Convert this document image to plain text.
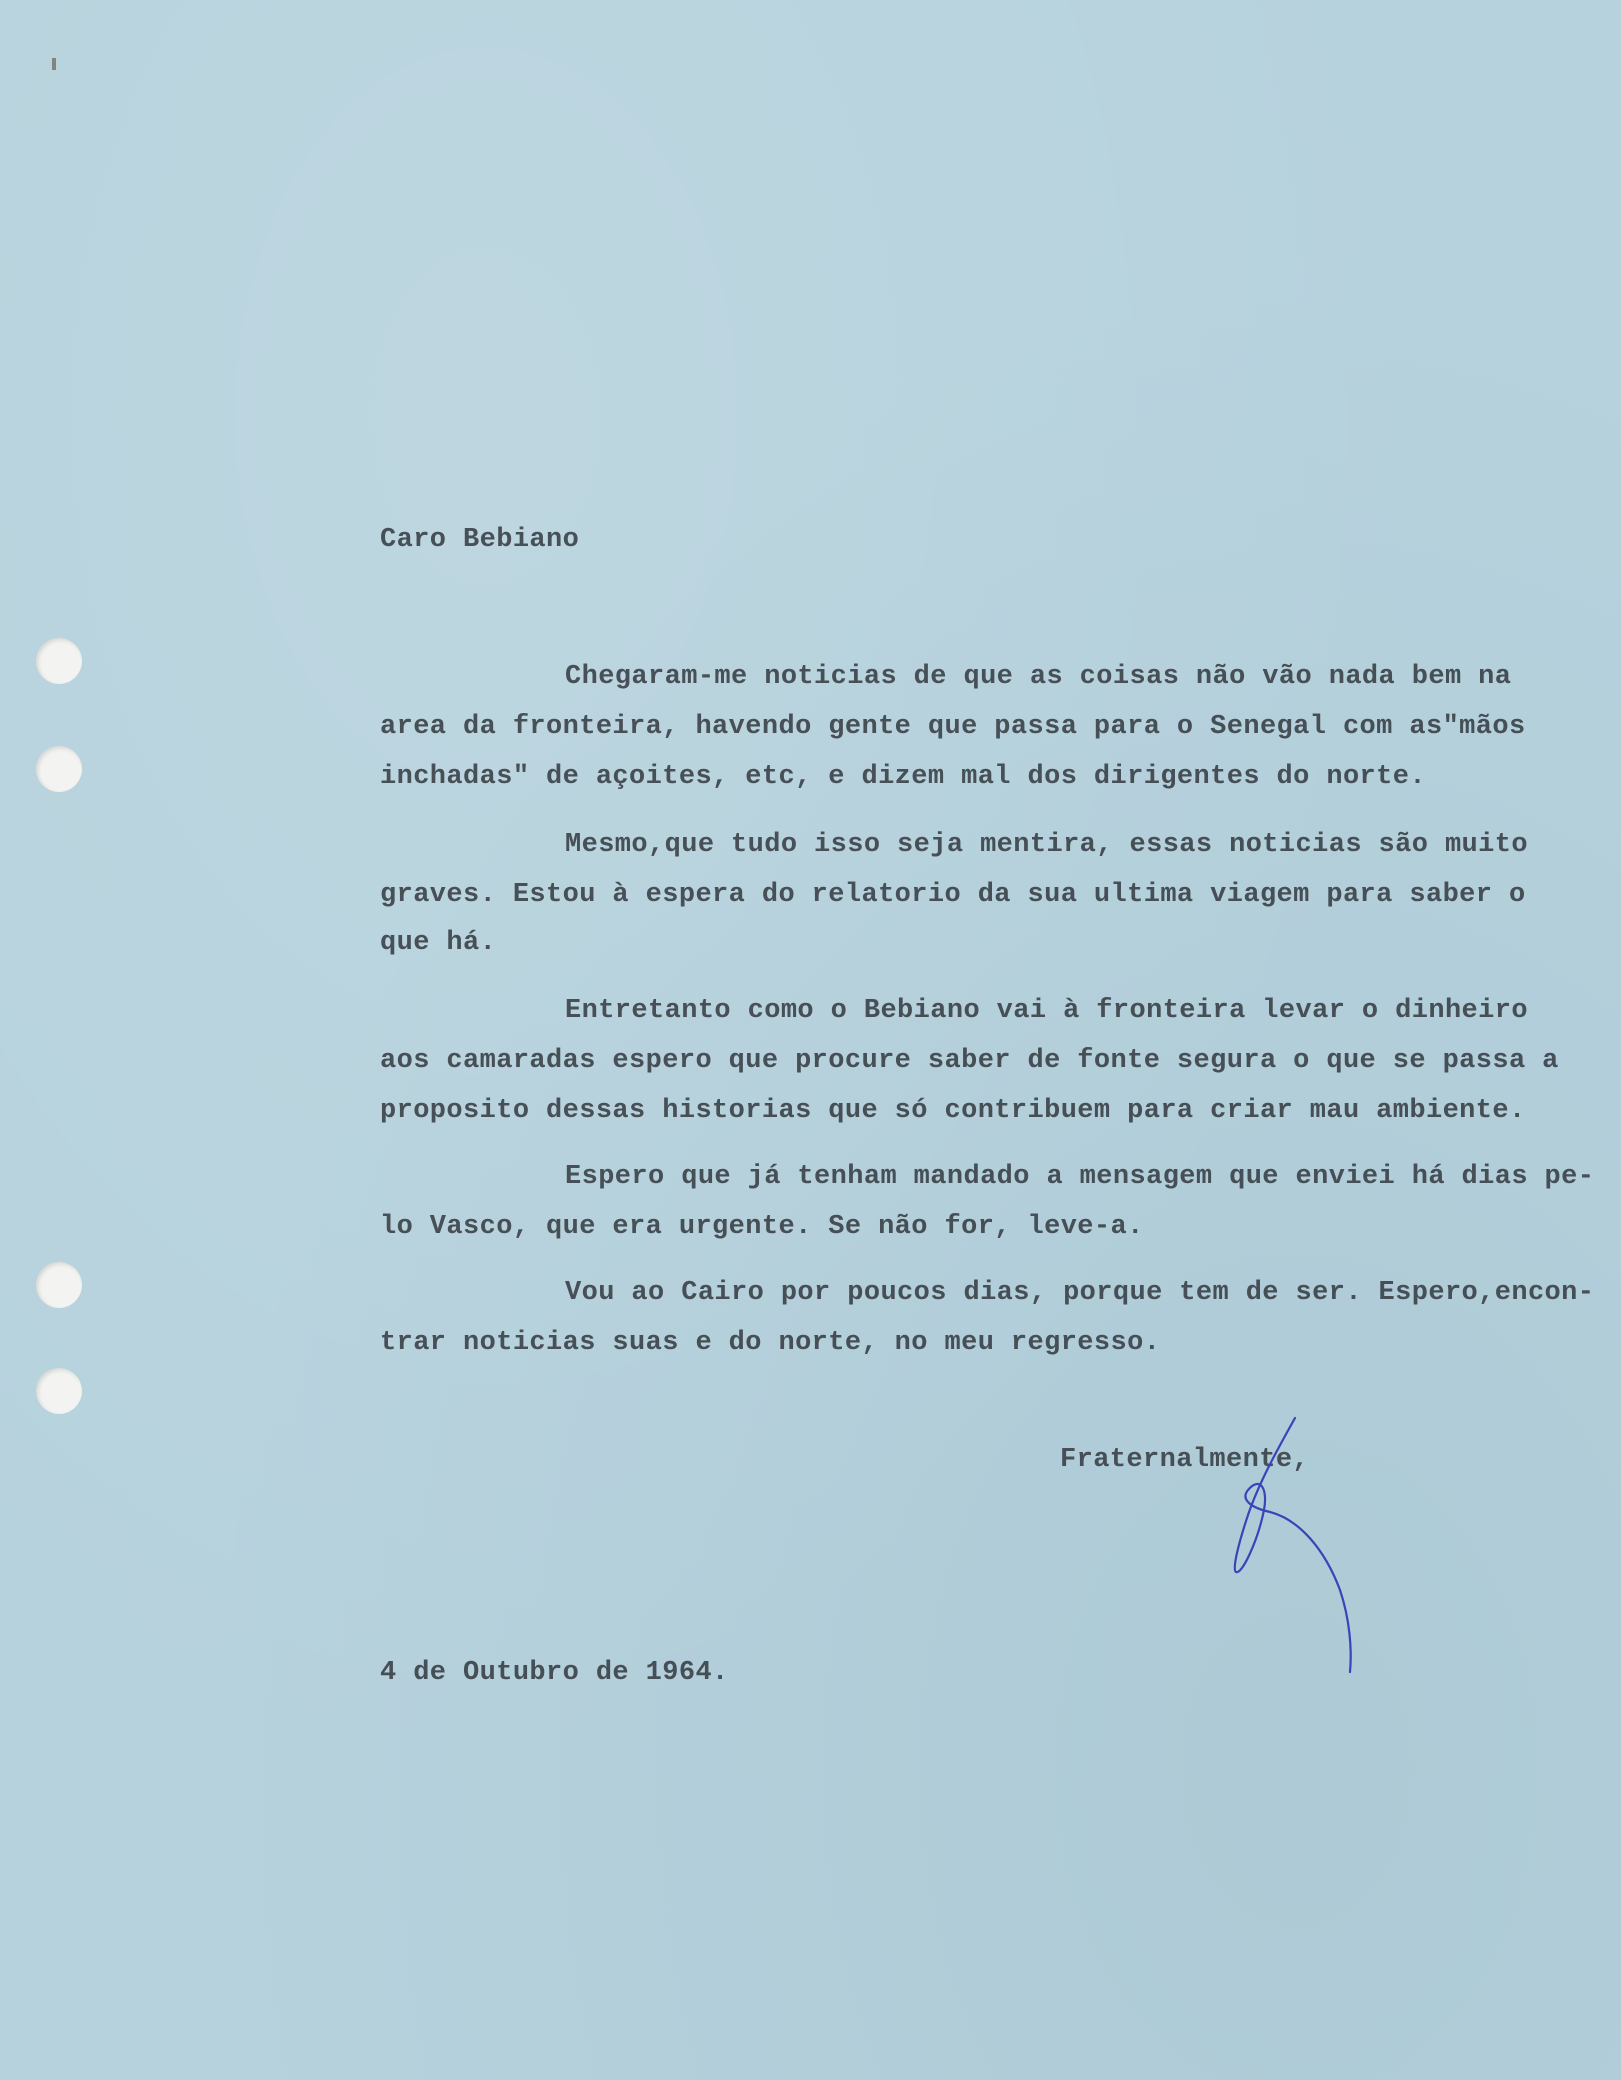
Caro Bebiano
Chegaram-me noticias de que as coisas não vão nada bem na
area da fronteira, havendo gente que passa para o Senegal com as"mãos
inchadas" de açoites, etc, e dizem mal dos dirigentes do norte.
Mesmo,que tudo isso seja mentira, essas noticias são muito
graves. Estou à espera do relatorio da sua ultima viagem para saber o
que há.
Entretanto como o Bebiano vai à fronteira levar o dinheiro
aos camaradas espero que procure saber de fonte segura o que se passa a
proposito dessas historias que só contribuem para criar mau ambiente.
Espero que já tenham mandado a mensagem que enviei há dias pe-
lo Vasco, que era urgente. Se não for, leve-a.
Vou ao Cairo por poucos dias, porque tem de ser. Espero,encon-
trar noticias suas e do norte, no meu regresso.
Fraternalmente,
4 de Outubro de 1964.
